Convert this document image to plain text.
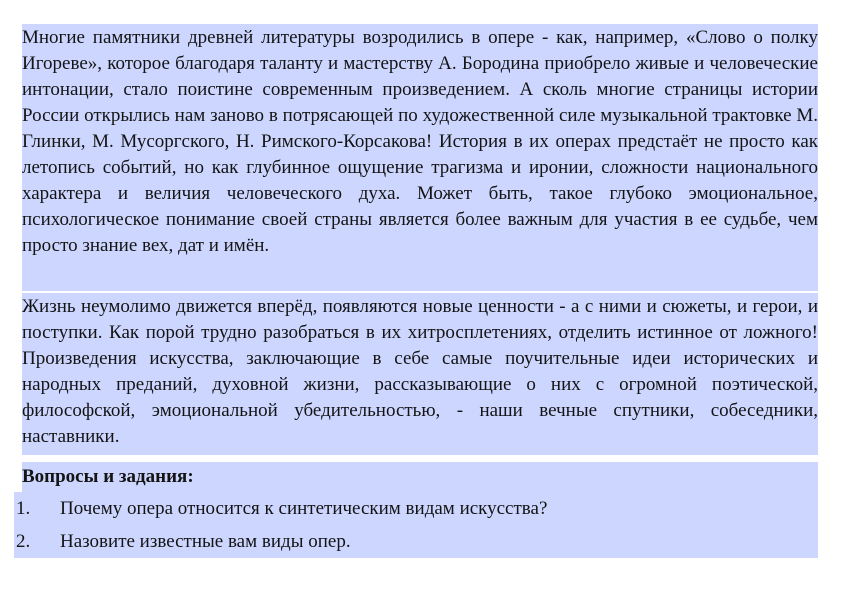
Многие памятники древней литературы возродились в опере - как, например, «Слово о полку Игореве», которое благодаря таланту и мастерству А. Бородина приобрело живые и человеческие интонации, стало поистине современным произведением. А сколь многие страницы истории России открылись нам заново в потрясающей по художественной силе музыкальной трактовке М. Глинки, М. Мусоргского, Н. Римского-Корсакова! История в их операх предстаёт не просто как летопись событий, но как глубинное ощущение трагизма и иронии, сложности национального характера и величия человеческого духа. Может быть, такое глубоко эмоциональное, психологическое понимание своей страны является более важным для участия в ее судьбе, чем просто знание вех, дат и имён.

Жизнь неумолимо движется вперёд, появляются новые ценности - а с ними и сюжеты, и герои, и поступки. Как порой трудно разобраться в их хитросплетениях, отделить истинное от ложного! Произведения искусства, заключающие в себе самые поучительные идеи исторических и народных преданий, духовной жизни, рассказывающие о них с огромной поэтической, философской, эмоциональной убедительностью, - наши вечные спутники, собеседники, наставники.

Вопросы и задания:

1. Почему опера относится к синтетическим видам искусства?
2. Назовите известные вам виды опер.
